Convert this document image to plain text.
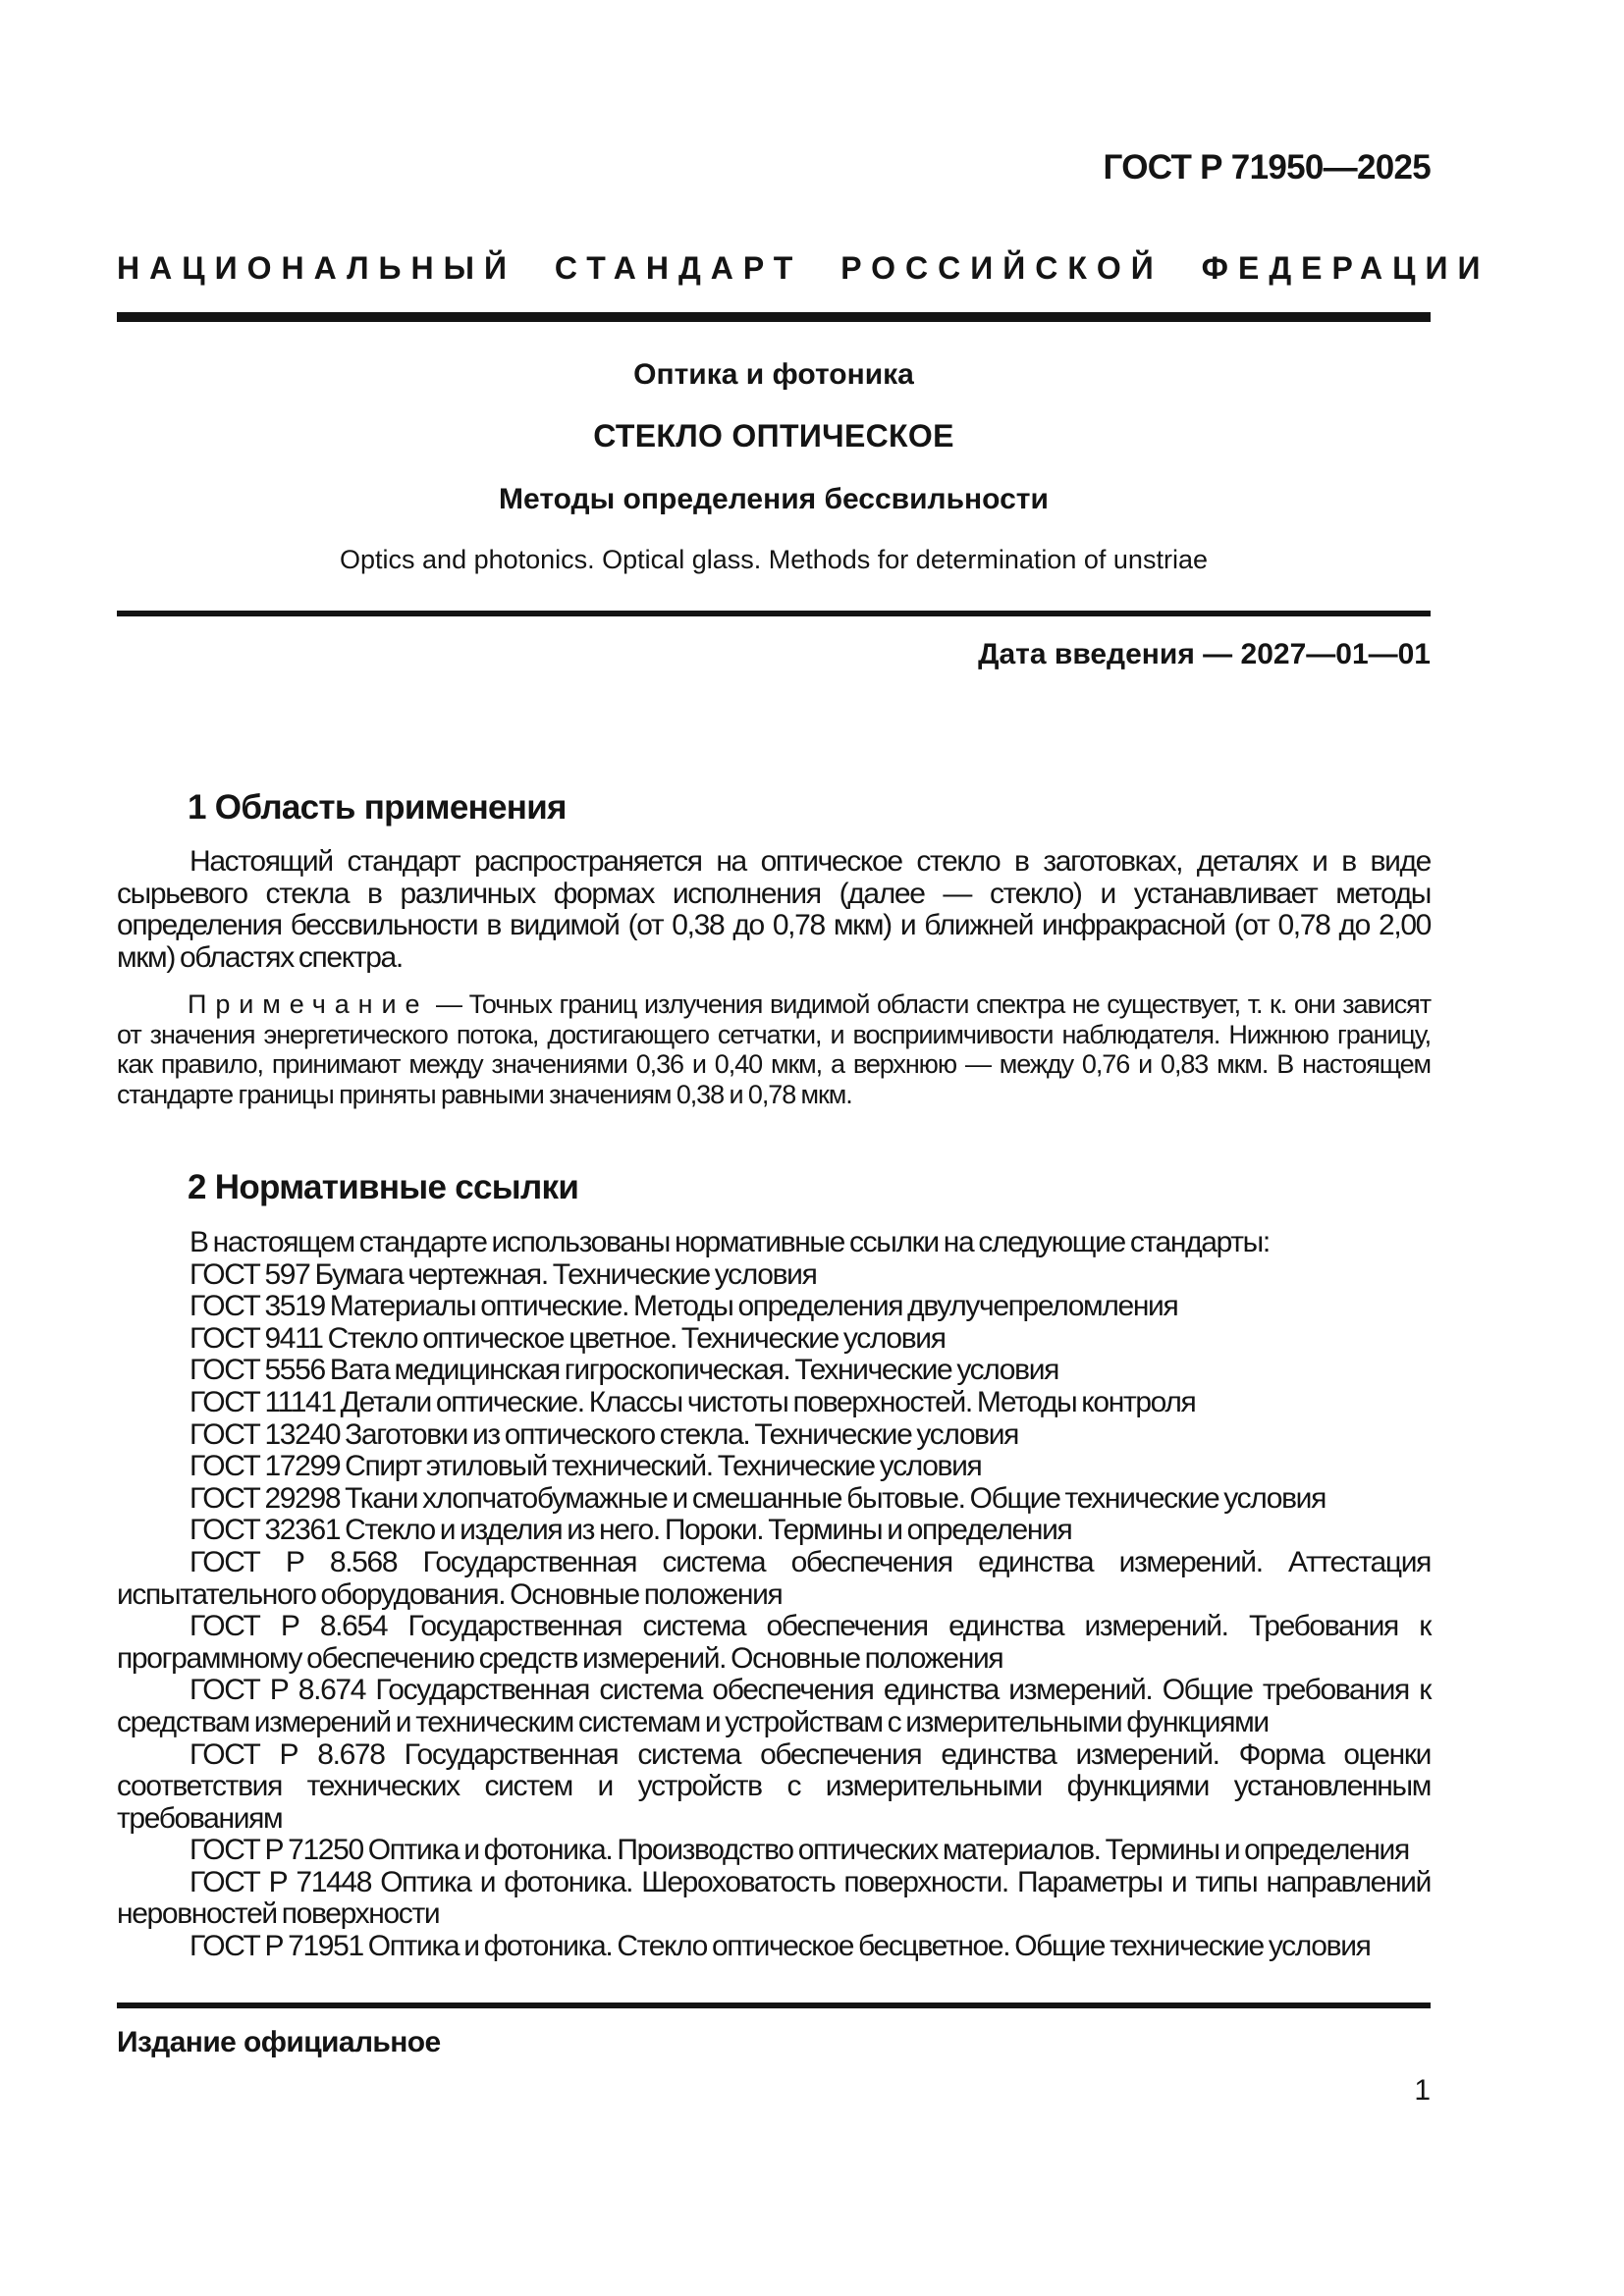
ГОСТ Р 71950—2025
НАЦИОНАЛЬНЫЙ СТАНДАРТ РОССИЙСКОЙ ФЕДЕРАЦИИ
Оптика и фотоника
СТЕКЛО ОПТИЧЕСКОЕ
Методы определения бессвильности
Optics and photonics. Optical glass. Methods for determination of unstriae
Дата введения — 2027—01—01
1 Область применения
Настоящий стандарт распространяется на оптическое стекло в заготовках, деталях и в виде сырьевого стекла в различных формах исполнения (далее — стекло) и устанавливает методы определения бессвильности в видимой (от 0,38 до 0,78 мкм) и ближней инфракрасной (от 0,78 до 2,00 мкм) областях спектра.
Примечание — Точных границ излучения видимой области спектра не существует, т. к. они зависят от значения энергетического потока, достигающего сетчатки, и восприимчивости наблюдателя. Нижнюю границу, как правило, принимают между значениями 0,36 и 0,40 мкм, а верхнюю — между 0,76 и 0,83 мкм. В настоящем стандарте границы приняты равными значениям 0,38 и 0,78 мкм.
2 Нормативные ссылки

В настоящем стандарте использованы нормативные ссылки на следующие стандарты:

ГОСТ 597 Бумага чертежная. Технические условия

ГОСТ 3519 Материалы оптические. Методы определения двулучепреломления

ГОСТ 9411 Стекло оптическое цветное. Технические условия

ГОСТ 5556 Вата медицинская гигроскопическая. Технические условия

ГОСТ 11141 Детали оптические. Классы чистоты поверхностей. Методы контроля

ГОСТ 13240 Заготовки из оптического стекла. Технические условия

ГОСТ 17299 Спирт этиловый технический. Технические условия

ГОСТ 29298 Ткани хлопчатобумажные и смешанные бытовые. Общие технические условия

ГОСТ 32361 Стекло и изделия из него. Пороки. Термины и определения

ГОСТ Р 8.568 Государственная система обеспечения единства измерений. Аттестация испытательного оборудования. Основные положения

ГОСТ Р 8.654 Государственная система обеспечения единства измерений. Требования к программному обеспечению средств измерений. Основные положения

ГОСТ Р 8.674 Государственная система обеспечения единства измерений. Общие требования к средствам измерений и техническим системам и устройствам с измерительными функциями

ГОСТ Р 8.678 Государственная система обеспечения единства измерений. Форма оценки соответствия технических систем и устройств с измерительными функциями установленным требованиям

ГОСТ Р 71250 Оптика и фотоника. Производство оптических материалов. Термины и определения

ГОСТ Р 71448 Оптика и фотоника. Шероховатость поверхности. Параметры и типы направлений неровностей поверхности

ГОСТ Р 71951 Оптика и фотоника. Стекло оптическое бесцветное. Общие технические условия

Издание официальное
1
